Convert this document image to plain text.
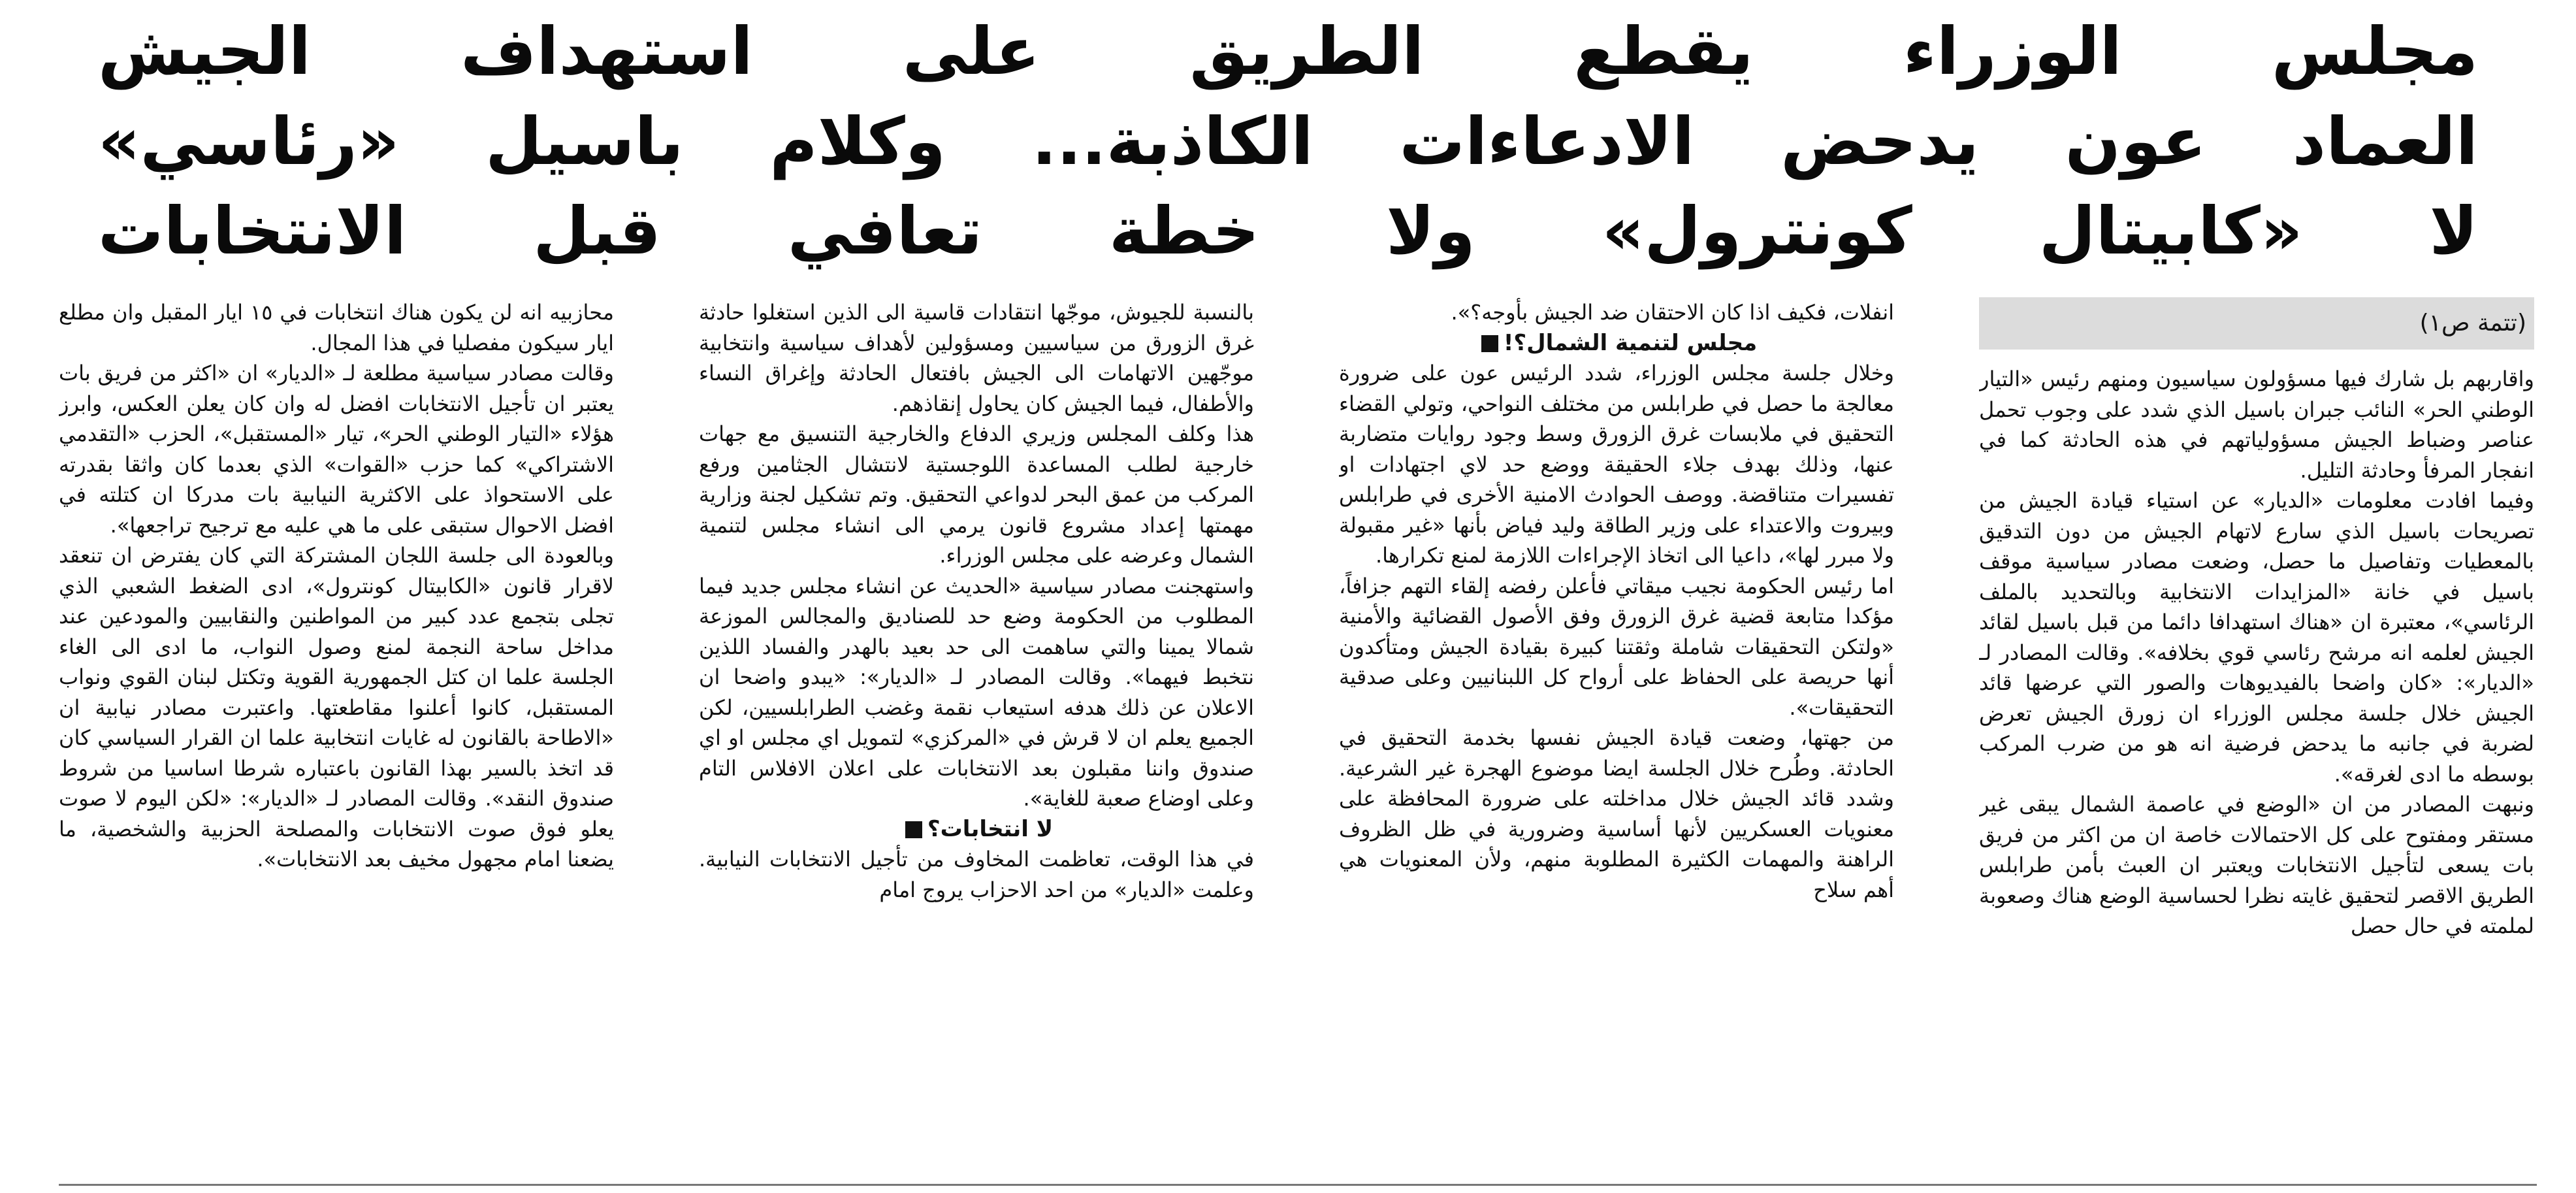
مجلس الوزراء يقطع الطريق على استهداف الجيش
العماد عون يدحض الادعاءات الكاذبة... وكلام باسيل «رئاسي»
لا «كابيتال كونترول» ولا خطة تعافي قبل الانتخابات
(تتمة ص١)

واقاربهم بل شارك فيها مسؤولون سياسيون ومنهم رئيس «التيار الوطني الحر» النائب جبران باسيل الذي شدد على وجوب تحمل عناصر وضباط الجيش مسؤولياتهم في هذه الحادثة كما في انفجار المرفأ وحادثة التليل.

وفيما افادت معلومات «الديار» عن استياء قيادة الجيش من تصريحات باسيل الذي سارع لاتهام الجيش من دون التدقيق بالمعطيات وتفاصيل ما حصل، وضعت مصادر سياسية موقف باسيل في خانة «المزايدات الانتخابية وبالتحديد بالملف الرئاسي»، معتبرة ان «هناك استهدافا دائما من قبل باسيل لقائد الجيش لعلمه انه مرشح رئاسي قوي بخلافه». وقالت المصادر لـ «الديار»: «كان واضحا بالفيديوهات والصور التي عرضها قائد الجيش خلال جلسة مجلس الوزراء ان زورق الجيش تعرض لضربة في جانبه ما يدحض فرضية انه هو من ضرب المركب بوسطه ما ادى لغرقه».

ونبهت المصادر من ان «الوضع في عاصمة الشمال يبقى غير مستقر ومفتوح على كل الاحتمالات خاصة ان من اكثر من فريق بات يسعى لتأجيل الانتخابات ويعتبر ان العبث بأمن طرابلس الطريق الاقصر لتحقيق غايته نظرا لحساسية الوضع هناك وصعوبة لملمته في حال حصل

انفلات، فكيف اذا كان الاحتقان ضد الجيش بأوجه؟».

مجلس لتنمية الشمال؟!

وخلال جلسة مجلس الوزراء، شدد الرئيس عون على ضرورة معالجة ما حصل في طرابلس من مختلف النواحي، وتولي القضاء التحقيق في ملابسات غرق الزورق وسط وجود روايات متضاربة عنها، وذلك بهدف جلاء الحقيقة ووضع حد لاي اجتهادات او تفسيرات متناقضة. ووصف الحوادث الامنية الأخرى في طرابلس وبيروت والاعتداء على وزير الطاقة وليد فياض بأنها «غير مقبولة ولا مبرر لها»، داعيا الى اتخاذ الإجراءات اللازمة لمنع تكرارها.

اما رئيس الحكومة نجيب ميقاتي فأعلن رفضه إلقاء التهم جزافاً، مؤكدا متابعة قضية غرق الزورق وفق الأصول القضائية والأمنية «ولتكن التحقيقات شاملة وثقتنا كبيرة بقيادة الجيش ومتأكدون أنها حريصة على الحفاظ على أرواح كل اللبنانيين وعلى صدقية التحقيقات».

من جهتها، وضعت قيادة الجيش نفسها بخدمة التحقيق في الحادثة. وطُرح خلال الجلسة ايضا موضوع الهجرة غير الشرعية. وشدد قائد الجيش خلال مداخلته على ضرورة المحافظة على معنويات العسكريين لأنها أساسية وضرورية في ظل الظروف الراهنة والمهمات الكثيرة المطلوبة منهم، ولأن المعنويات هي أهم سلاح

بالنسبة للجيوش، موجّها انتقادات قاسية الى الذين استغلوا حادثة غرق الزورق من سياسيين ومسؤولين لأهداف سياسية وانتخابية موجّهين الاتهامات الى الجيش بافتعال الحادثة وإغراق النساء والأطفال، فيما الجيش كان يحاول إنقاذهم.

هذا وكلف المجلس وزيري الدفاع والخارجية التنسيق مع جهات خارجية لطلب المساعدة اللوجستية لانتشال الجثامين ورفع المركب من عمق البحر لدواعي التحقيق. وتم تشكيل لجنة وزارية مهمتها إعداد مشروع قانون يرمي الى انشاء مجلس لتنمية الشمال وعرضه على مجلس الوزراء.

واستهجنت مصادر سياسية «الحديث عن انشاء مجلس جديد فيما المطلوب من الحكومة وضع حد للصناديق والمجالس الموزعة شمالا يمينا والتي ساهمت الى حد بعيد بالهدر والفساد اللذين نتخبط فيهما». وقالت المصادر لـ «الديار»: «يبدو واضحا ان الاعلان عن ذلك هدفه استيعاب نقمة وغضب الطرابلسيين، لكن الجميع يعلم ان لا قرش في «المركزي» لتمويل اي مجلس او اي صندوق واننا مقبلون بعد الانتخابات على اعلان الافلاس التام وعلى اوضاع صعبة للغاية».

لا انتخابات؟

في هذا الوقت، تعاظمت المخاوف من تأجيل الانتخابات النيابية. وعلمت «الديار» من احد الاحزاب يروج امام

محازبيه انه لن يكون هناك انتخابات في ١٥ ايار المقبل وان مطلع ايار سيكون مفصليا في هذا المجال.

وقالت مصادر سياسية مطلعة لـ «الديار» ان «اكثر من فريق بات يعتبر ان تأجيل الانتخابات افضل له وان كان يعلن العكس، وابرز هؤلاء «التيار الوطني الحر»، تيار «المستقبل»، الحزب «التقدمي الاشتراكي» كما حزب «القوات» الذي بعدما كان واثقا بقدرته على الاستحواذ على الاكثرية النيابية بات مدركا ان كتلته في افضل الاحوال ستبقى على ما هي عليه مع ترجيح تراجعها».

وبالعودة الى جلسة اللجان المشتركة التي كان يفترض ان تنعقد لاقرار قانون «الكابيتال كونترول»، ادى الضغط الشعبي الذي تجلى بتجمع عدد كبير من المواطنين والنقابيين والمودعين عند مداخل ساحة النجمة لمنع وصول النواب، ما ادى الى الغاء الجلسة علما ان كتل الجمهورية القوية وتكتل لبنان القوي ونواب المستقبل، كانوا أعلنوا مقاطعتها. واعتبرت مصادر نيابية ان «الاطاحة بالقانون له غايات انتخابية علما ان القرار السياسي كان قد اتخذ بالسير بهذا القانون باعتباره شرطا اساسيا من شروط صندوق النقد». وقالت المصادر لـ «الديار»: «لكن اليوم لا صوت يعلو فوق صوت الانتخابات والمصلحة الحزبية والشخصية، ما يضعنا امام مجهول مخيف بعد الانتخابات».
